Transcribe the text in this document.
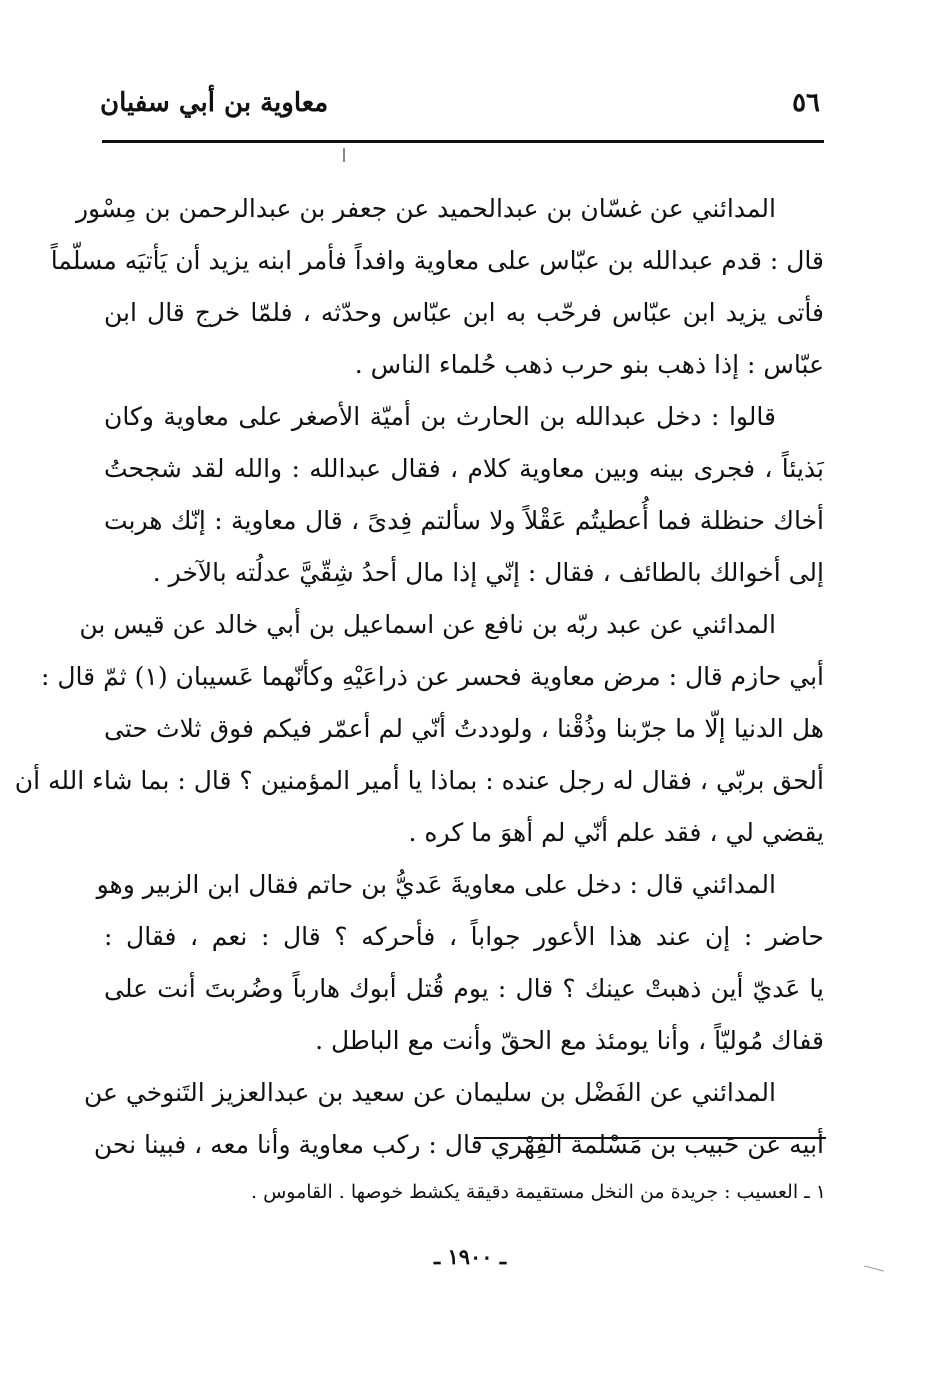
٥٦
معاوية بن أبي سفيان
المدائني عن غسّان بن عبدالحميد عن جعفر بن عبدالرحمن بن مِسْور
قال : قدم عبدالله بن عبّاس على معاوية وافداً فأمر ابنه يزيد أن يَأتيَه مسلّماً
فأتى يزيد ابن عبّاس فرحّب به ابن عبّاس وحدّثه ، فلمّا خرج قال ابن
عبّاس : إذا ذهب بنو حرب ذهب حُلماء الناس .
قالوا : دخل عبدالله بن الحارث بن أميّة الأصغر على معاوية وكان
بَذيئاً ، فجرى بينه وبين معاوية كلام ، فقال عبدالله : والله لقد شجحتُ
أخاك حنظلة فما أُعطيتُم عَقْلاً ولا سألتم فِدىً ، قال معاوية : إنّك هربت
إلى أخوالك بالطائف ، فقال : إنّي إذا مال أحدُ شِقّيَّ عدلُته بالآخر .
المدائني عن عبد ربّه بن نافع عن اسماعيل بن أبي خالد عن قيس بن
أبي حازم قال : مرض معاوية فحسر عن ذراعَيْهِ وكأنّهما عَسيبان (١) ثمّ قال :
هل الدنيا إلّا ما جرّبنا وذُقْنا ، ولوددتُ أنّي لم أعمّر فيكم فوق ثلاث حتى
ألحق بربّي ، فقال له رجل عنده : بماذا يا أمير المؤمنين ؟ قال : بما شاء الله أن
يقضي لي ، فقد علم أنّي لم أهوَ ما كره .
المدائني قال : دخل على معاويةَ عَديُّ بن حاتم فقال ابن الزبير وهو
حاضر : إن عند هذا الأعور جواباً ، فأحركه ؟ قال : نعم ، فقال :
يا عَديّ أين ذهبتْ عينك ؟ قال : يوم قُتل أبوك هارباً وضُربتَ أنت على
قفاك مُوليّاً ، وأنا يومئذ مع الحقّ وأنت مع الباطل .
المدائني عن الفَضْل بن سليمان عن سعيد بن عبدالعزيز التَنوخي عن
أبيه عن حَبيب بن مَسْلمة الفِهْري قال : ركب معاوية وأنا معه ، فبينا نحن
١ ـ العسيب : جريدة من النخل مستقيمة دقيقة يكشط خوصها . القاموس .
ـ ١٩٠٠ ـ
